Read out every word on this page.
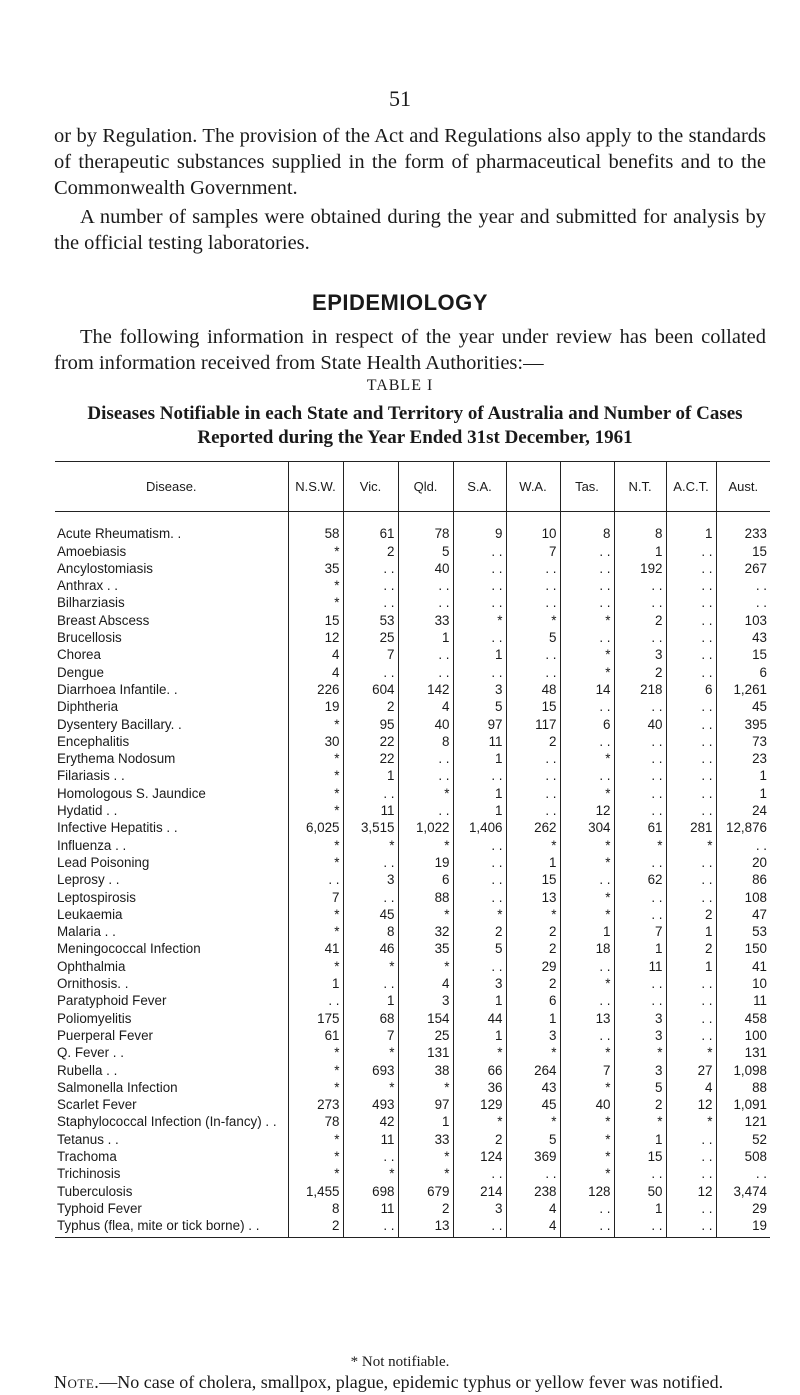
51
or by Regulation. The provision of the Act and Regulations also apply to the standards of therapeutic substances supplied in the form of pharmaceutical benefits and to the Commonwealth Government.
A number of samples were obtained during the year and submitted for analysis by the official testing laboratories.
EPIDEMIOLOGY
The following information in respect of the year under review has been collated from information received from State Health Authorities:—
TABLE I
Diseases Notifiable in each State and Territory of Australia and Number of Cases Reported during the Year Ended 31st December, 1961
Disease.	N.S.W.	Vic.	Qld.	S.A.	W.A.	Tas.	N.T.	A.C.T.	Aust.
Acute Rheumatism. .	58	61	78	9	10	8	8	1	233
Amoebiasis	*	2	5	. .	7	. .	1	. .	15
Ancylostomiasis	35	. .	40	. .	. .	. .	192	. .	267
Anthrax . .	*	. .	. .	. .	. .	. .	. .	. .	. .
Bilharziasis	*	. .	. .	. .	. .	. .	. .	. .	. .
Breast Abscess	15	53	33	*	*	*	2	. .	103
Brucellosis	12	25	1	. .	5	. .	. .	. .	43
Chorea	4	7	. .	1	. .	*	3	. .	15
Dengue	4	. .	. .	. .	. .	*	2	. .	6
Diarrhoea Infantile. .	226	604	142	3	48	14	218	6	1,261
Diphtheria	19	2	4	5	15	. .	. .	. .	45
Dysentery Bacillary. .	*	95	40	97	117	6	40	. .	395
Encephalitis	30	22	8	11	2	. .	. .	. .	73
Erythema Nodosum	*	22	. .	1	. .	*	. .	. .	23
Filariasis . .	*	1	. .	. .	. .	. .	. .	. .	1
Homologous S. Jaundice	*	. .	*	1	. .	*	. .	. .	1
Hydatid . .	*	11	. .	1	. .	12	. .	. .	24
Infective Hepatitis . .	6,025	3,515	1,022	1,406	262	304	61	281	12,876
Influenza . .	*	*	*	. .	*	*	*	*	. .
Lead Poisoning	*	. .	19	. .	1	*	. .	. .	20
Leprosy . .	. .	3	6	. .	15	. .	62	. .	86
Leptospirosis	7	. .	88	. .	13	*	. .	. .	108
Leukaemia	*	45	*	*	*	*	. .	2	47
Malaria . .	*	8	32	2	2	1	7	1	53
Meningococcal Infection	41	46	35	5	2	18	1	2	150
Ophthalmia	*	*	*	. .	29	. .	11	1	41
Ornithosis. .	1	. .	4	3	2	*	. .	. .	10
Paratyphoid Fever	. .	1	3	1	6	. .	. .	. .	11
Poliomyelitis	175	68	154	44	1	13	3	. .	458
Puerperal Fever	61	7	25	1	3	. .	3	. .	100
Q. Fever . .	*	*	131	*	*	*	*	*	131
Rubella . .	*	693	38	66	264	7	3	27	1,098
Salmonella Infection	*	*	*	36	43	*	5	4	88
Scarlet Fever	273	493	97	129	45	40	2	12	1,091
Staphylococcal Infection (In-fancy) . .	78	42	1	*	*	*	*	*	121
Tetanus . .	*	11	33	2	5	*	1	. .	52
Trachoma	*	. .	*	124	369	*	15	. .	508
Trichinosis	*	*	*	. .	. .	*	. .	. .	. .
Tuberculosis	1,455	698	679	214	238	128	50	12	3,474
Typhoid Fever	8	11	2	3	4	. .	1	. .	29
Typhus (flea, mite or tick borne) . .	2	. .	13	. .	4	. .	. .	. .	19
* Not notifiable.
Note.—No case of cholera, smallpox, plague, epidemic typhus or yellow fever was notified.
